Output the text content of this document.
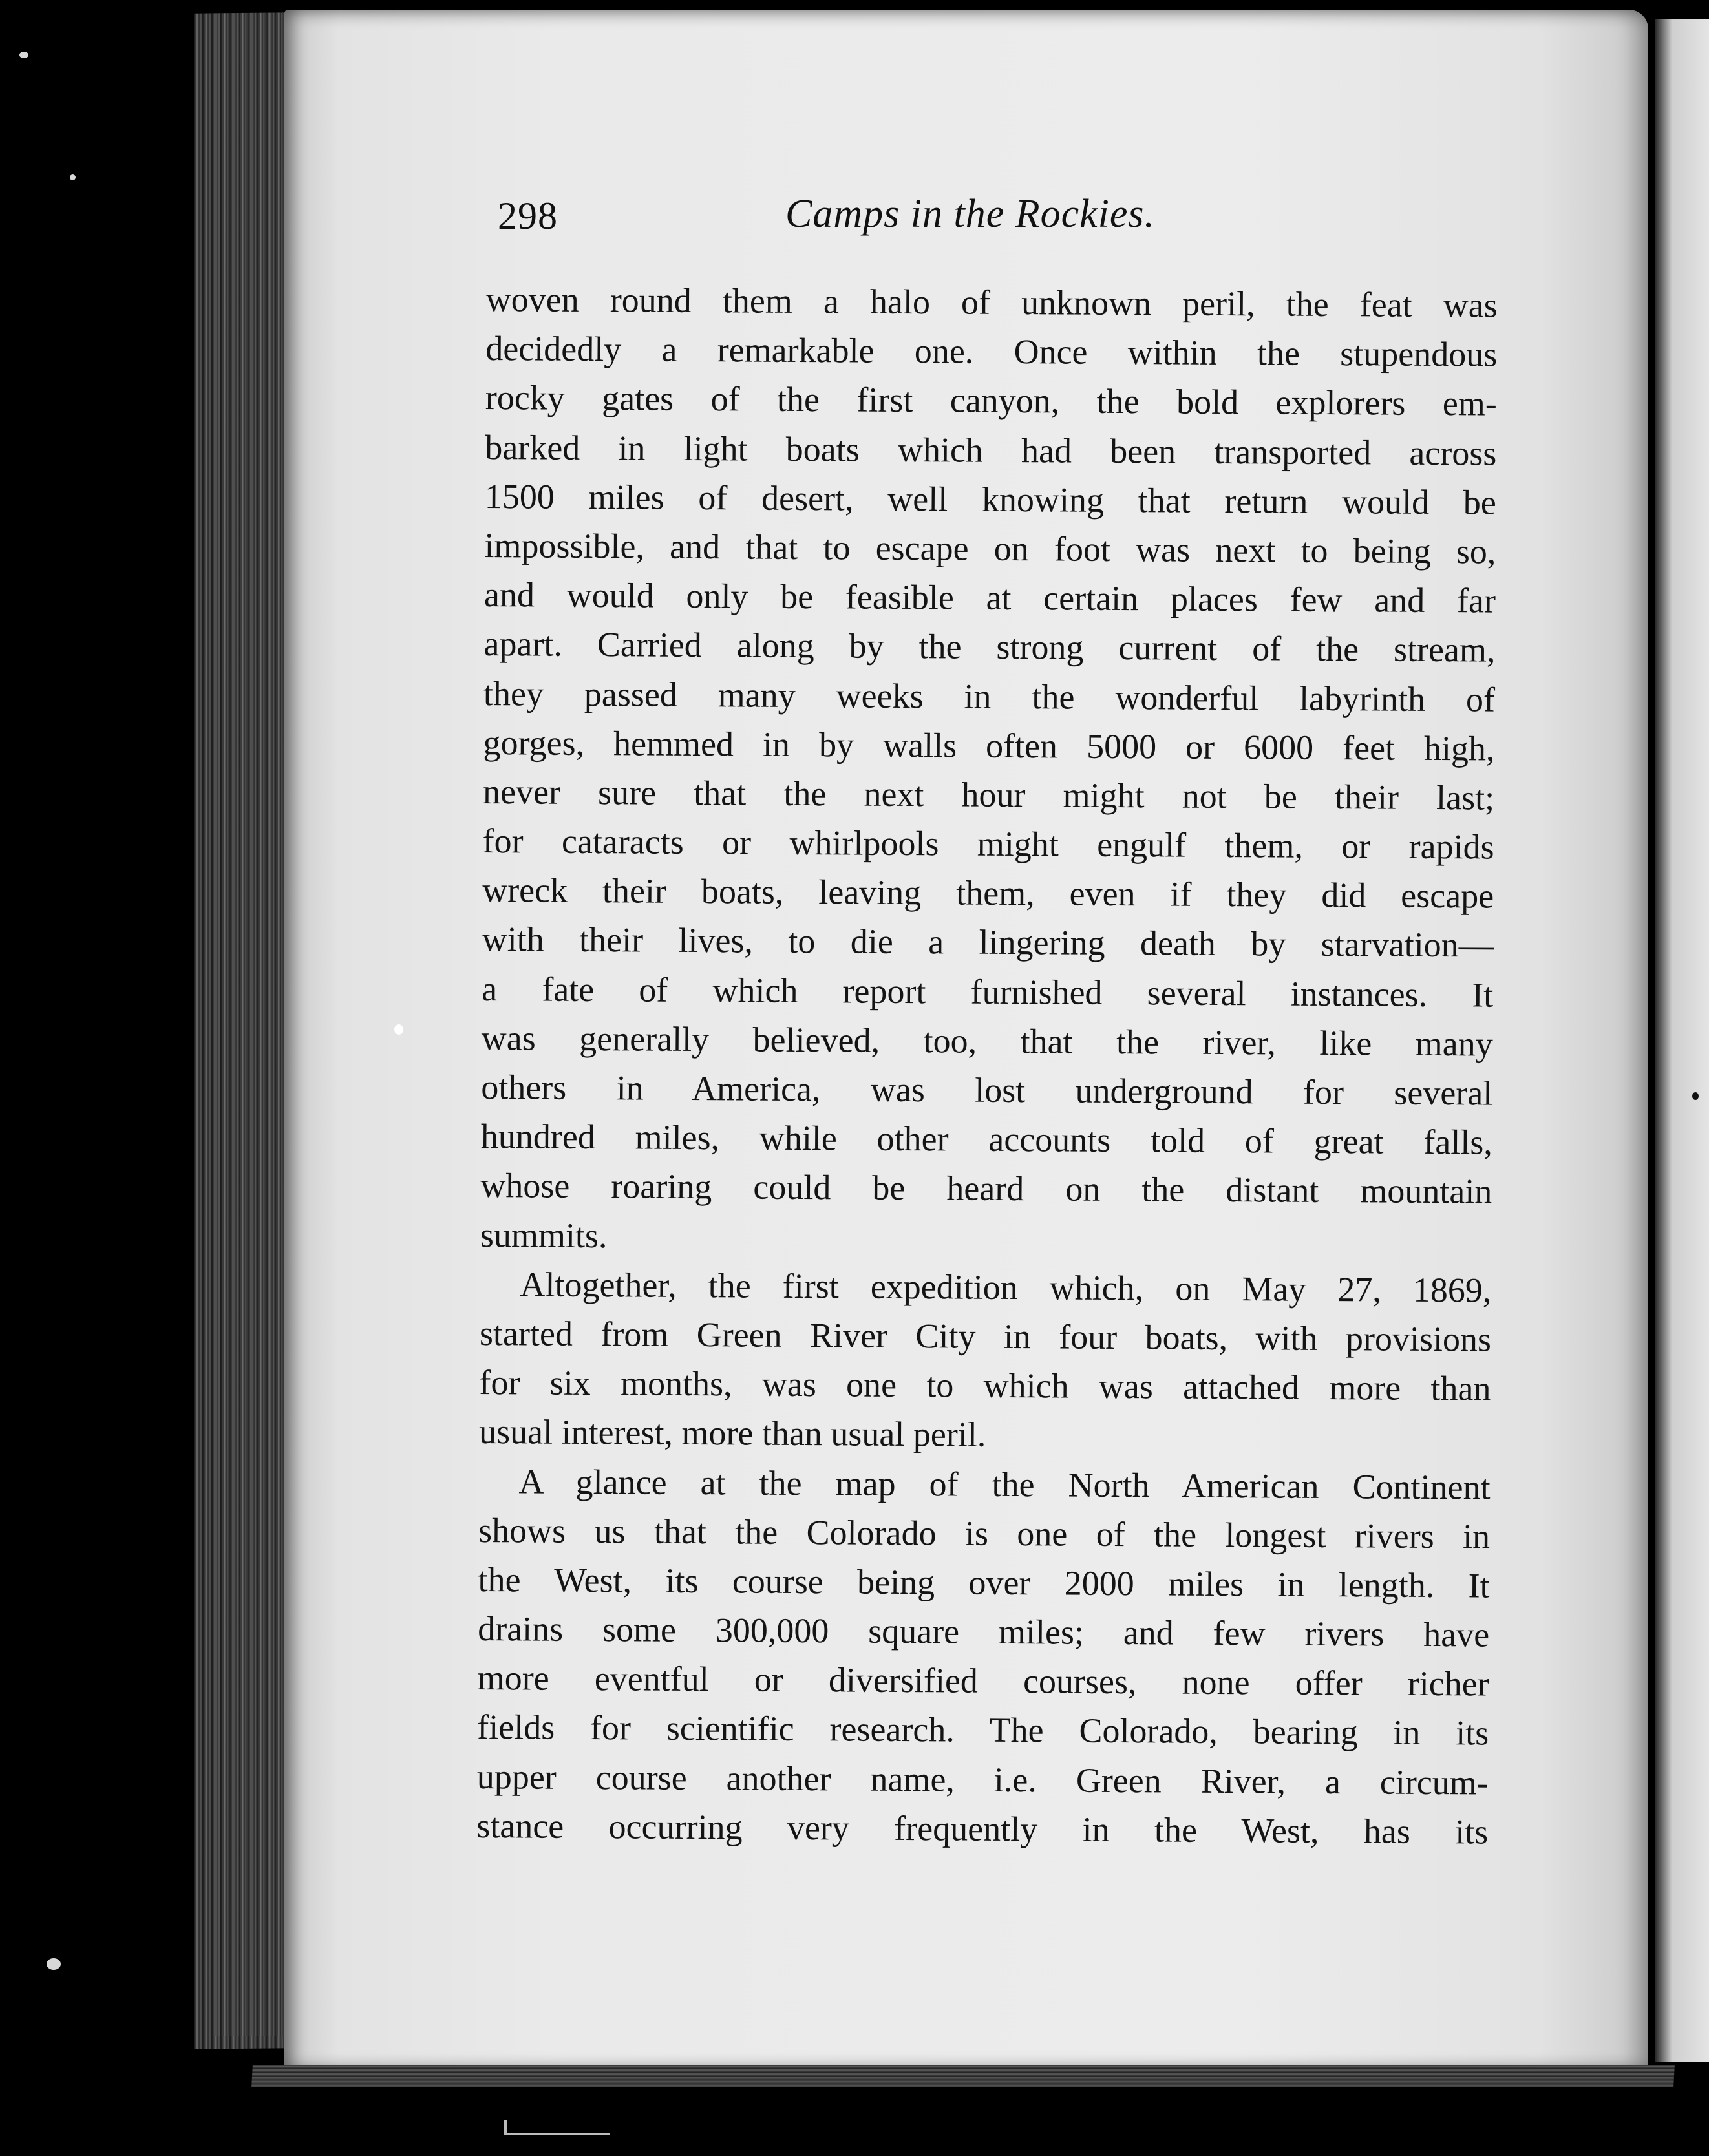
298	Camps in the Rockies.
woven round them a halo of unknown peril, the feat was
decidedly a remarkable one. Once within the stupendous
rocky gates of the first canyon, the bold explorers em-
barked in light boats which had been transported across
1500 miles of desert, well knowing that return would be
impossible, and that to escape on foot was next to being so,
and would only be feasible at certain places few and far
apart. Carried along by the strong current of the stream,
they passed many weeks in the wonderful labyrinth of
gorges, hemmed in by walls often 5000 or 6000 feet high,
never sure that the next hour might not be their last;
for cataracts or whirlpools might engulf them, or rapids
wreck their boats, leaving them, even if they did escape
with their lives, to die a lingering death by starvation—
a fate of which report furnished several instances. It
was generally believed, too, that the river, like many
others in America, was lost underground for several
hundred miles, while other accounts told of great falls,
whose roaring could be heard on the distant mountain
summits.
Altogether, the first expedition which, on May 27, 1869,
started from Green River City in four boats, with provisions
for six months, was one to which was attached more than
usual interest, more than usual peril.
A glance at the map of the North American Continent
shows us that the Colorado is one of the longest rivers in
the West, its course being over 2000 miles in length. It
drains some 300,000 square miles; and few rivers have
more eventful or diversified courses, none offer richer
fields for scientific research. The Colorado, bearing in its
upper course another name, i.e. Green River, a circum-
stance occurring very frequently in the West, has its
